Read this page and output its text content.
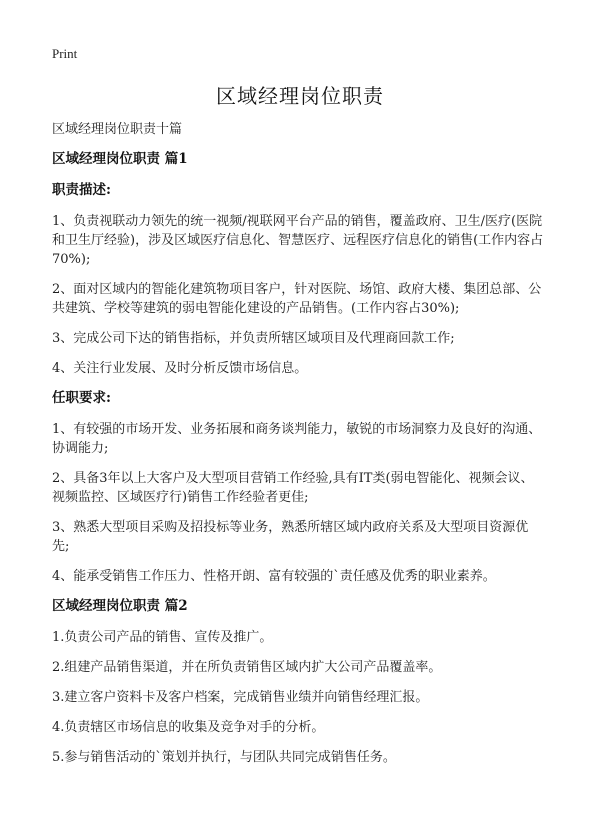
Print
区域经理岗位职责

区域经理岗位职责十篇

区域经理岗位职责 篇1

职责描述:

1、负责视联动力领先的统一视频/视联网平台产品的销售，覆盖政府、卫生/医疗(医院和卫生厅经验)，涉及区域医疗信息化、智慧医疗、远程医疗信息化的销售(工作内容占70%);

2、面对区域内的智能化建筑物项目客户，针对医院、场馆、政府大楼、集团总部、公共建筑、学校等建筑的弱电智能化建设的产品销售。(工作内容占30%);

3、完成公司下达的销售指标，并负责所辖区域项目及代理商回款工作;

4、关注行业发展、及时分析反馈市场信息。

任职要求:

1、有较强的市场开发、业务拓展和商务谈判能力，敏锐的市场洞察力及良好的沟通、协调能力;

2、具备3年以上大客户及大型项目营销工作经验,具有IT类(弱电智能化、视频会议、视频监控、区域医疗行)销售工作经验者更佳;

3、熟悉大型项目采购及招投标等业务，熟悉所辖区域内政府关系及大型项目资源优先;

4、能承受销售工作压力、性格开朗、富有较强的`责任感及优秀的职业素养。

区域经理岗位职责 篇2

1.负责公司产品的销售、宣传及推广。

2.组建产品销售渠道，并在所负责销售区域内扩大公司产品覆盖率。

3.建立客户资料卡及客户档案，完成销售业绩并向销售经理汇报。

4.负责辖区市场信息的收集及竞争对手的分析。

5.参与销售活动的`策划并执行，与团队共同完成销售任务。
